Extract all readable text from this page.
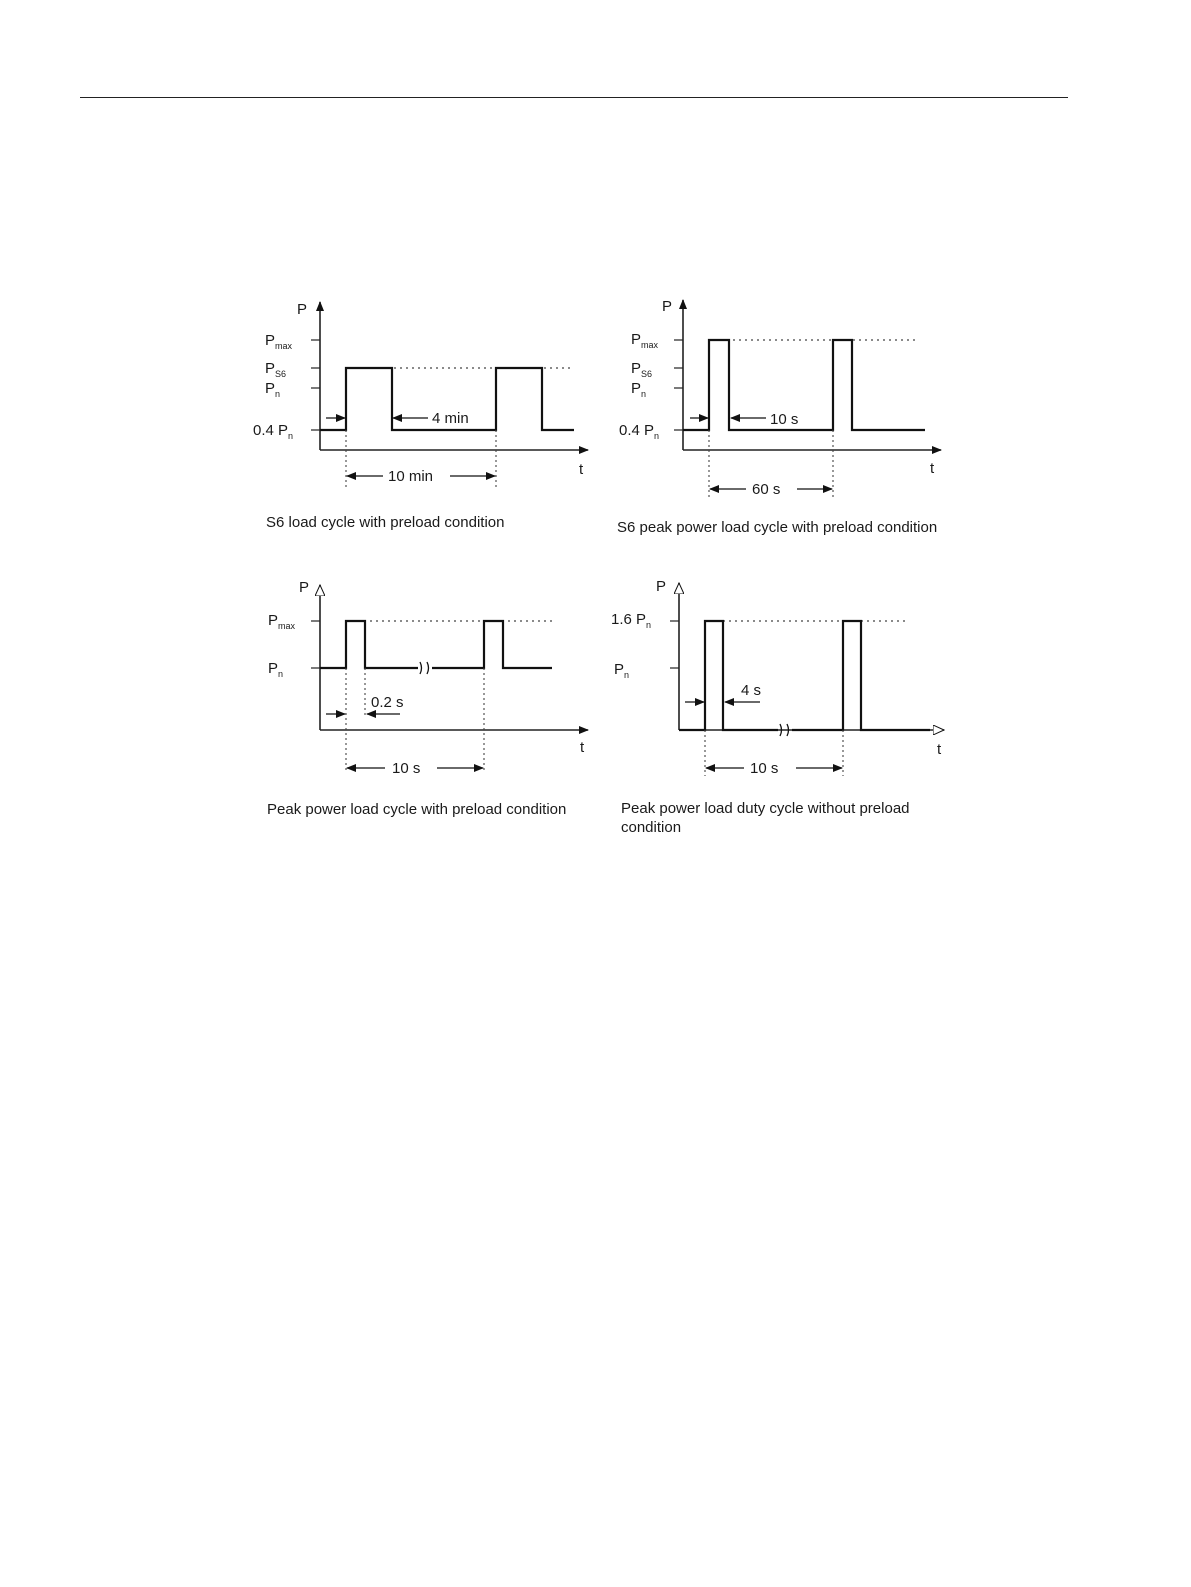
P
t
$P_{max}$
$P_{S6}$
$P_n$
0.4 $P_n$
4 min
10 min
S6 load cycle with preload condition
P
t
$P_{max}$
$P_{S6}$
$P_n$
0.4 $P_n$
10 s
60 s
S6 peak power load cycle with preload condition
P
t
$P_{max}$
$P_n$
0.2 s
10 s
Peak power load cycle with preload condition
P
t
1.6 $P_n$
$P_n$
4 s
10 s
Peak power load duty cycle without preload
condition
